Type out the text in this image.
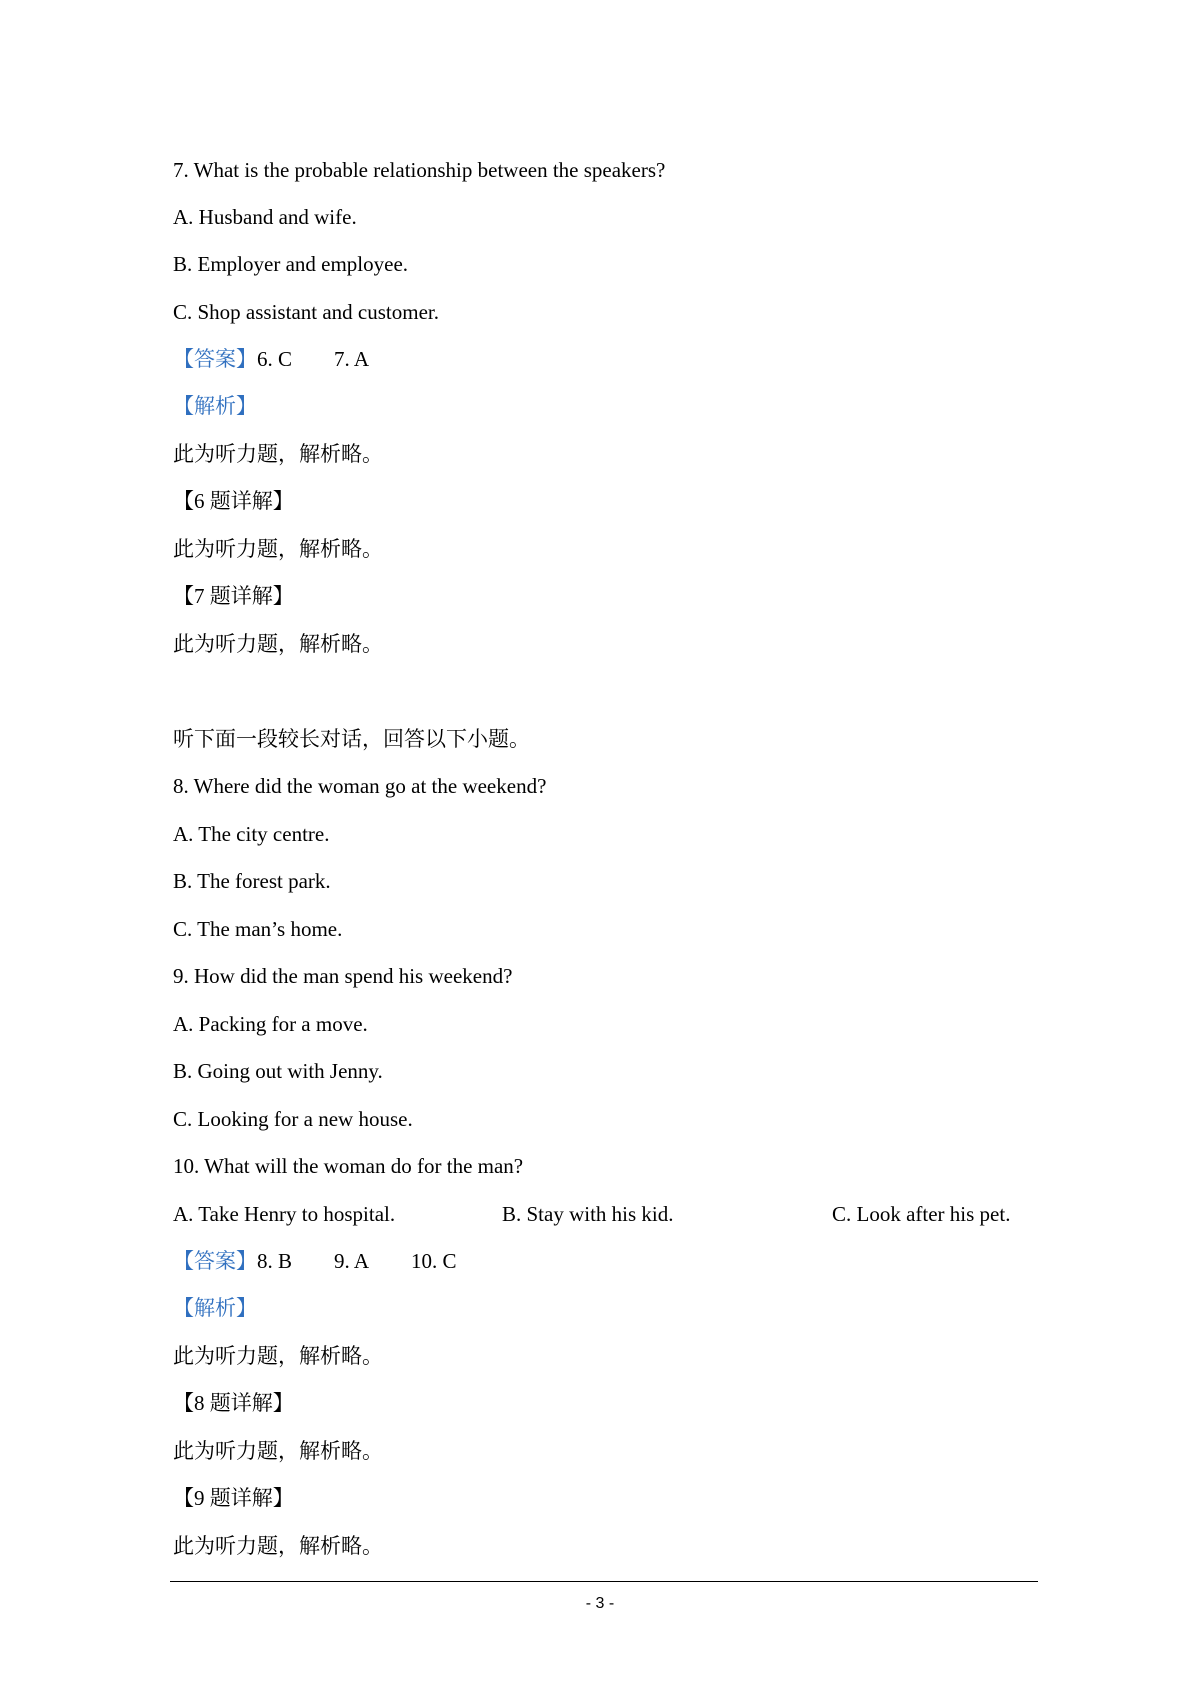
7. What is the probable relationship between the speakers?
A. Husband and wife.
B. Employer and employee.
C. Shop assistant and customer.
【答案】6. C 7. A
【解析】
此为听力题，解析略。
【6 题详解】
此为听力题，解析略。
【7 题详解】
此为听力题，解析略。
听下面一段较长对话，回答以下小题。
8. Where did the woman go at the weekend?
A. The city centre.
B. The forest park.
C. The man’s home.
9. How did the man spend his weekend?
A. Packing for a move.
B. Going out with Jenny.
C. Looking for a new house.
10. What will the woman do for the man?
A. Take Henry to hospital.	B. Stay with his kid.	C. Look after his pet.
【答案】8. B 9. A 10. C
【解析】
此为听力题，解析略。
【8 题详解】
此为听力题，解析略。
【9 题详解】
此为听力题，解析略。
- 3 -
